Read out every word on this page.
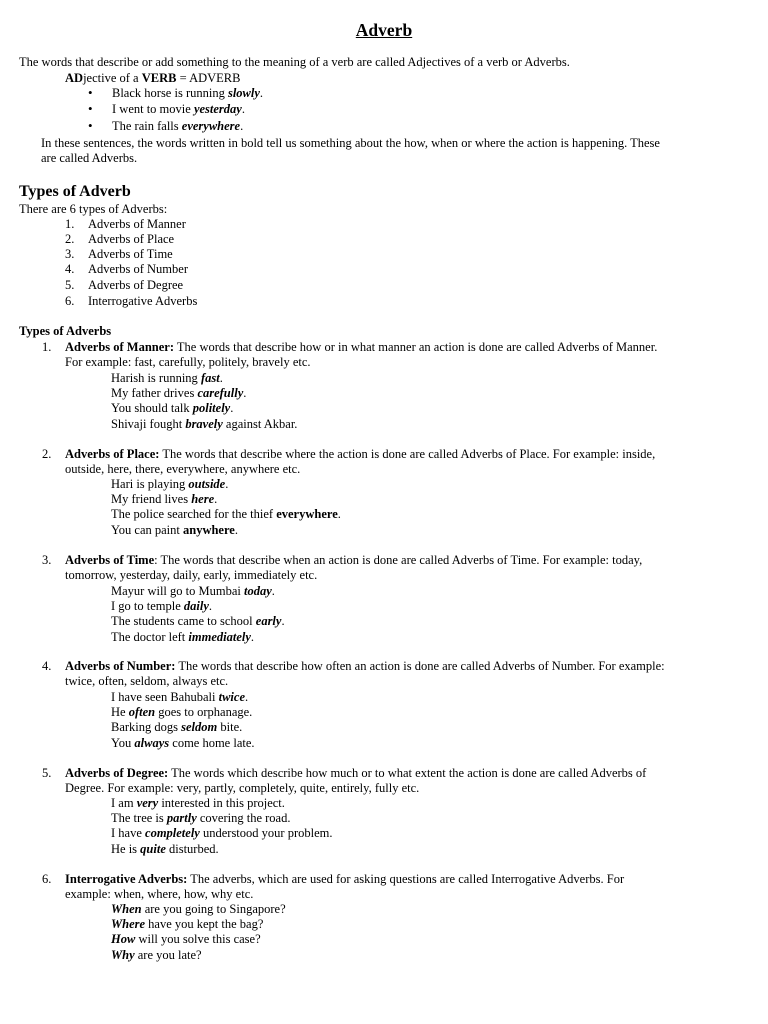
Adverb
The words that describe or add something to the meaning of a verb are called Adjectives of a verb or Adverbs.
ADjective of a VERB = ADVERB
• Black horse is running slowly.
• I went to movie yesterday.
• The rain falls everywhere.
In these sentences, the words written in bold tell us something about the how, when or where the action is happening. These
are called Adverbs.
Types of Adverb
There are 6 types of Adverbs:
1. Adverbs of Manner
2. Adverbs of Place
3. Adverbs of Time
4. Adverbs of Number
5. Adverbs of Degree
6. Interrogative Adverbs
Types of Adverbs
1. Adverbs of Manner: The words that describe how or in what manner an action is done are called Adverbs of Manner.
For example: fast, carefully, politely, bravely etc.
Harish is running fast.
My father drives carefully.
You should talk politely.
Shivaji fought bravely against Akbar.
2. Adverbs of Place: The words that describe where the action is done are called Adverbs of Place. For example: inside,
outside, here, there, everywhere, anywhere etc.
Hari is playing outside.
My friend lives here.
The police searched for the thief everywhere.
You can paint anywhere.
3. Adverbs of Time: The words that describe when an action is done are called Adverbs of Time. For example: today,
tomorrow, yesterday, daily, early, immediately etc.
Mayur will go to Mumbai today.
I go to temple daily.
The students came to school early.
The doctor left immediately.
4. Adverbs of Number: The words that describe how often an action is done are called Adverbs of Number. For example:
twice, often, seldom, always etc.
I have seen Bahubali twice.
He often goes to orphanage.
Barking dogs seldom bite.
You always come home late.
5. Adverbs of Degree: The words which describe how much or to what extent the action is done are called Adverbs of
Degree. For example: very, partly, completely, quite, entirely, fully etc.
I am very interested in this project.
The tree is partly covering the road.
I have completely understood your problem.
He is quite disturbed.
6. Interrogative Adverbs: The adverbs, which are used for asking questions are called Interrogative Adverbs. For
example: when, where, how, why etc.
When are you going to Singapore?
Where have you kept the bag?
How will you solve this case?
Why are you late?
